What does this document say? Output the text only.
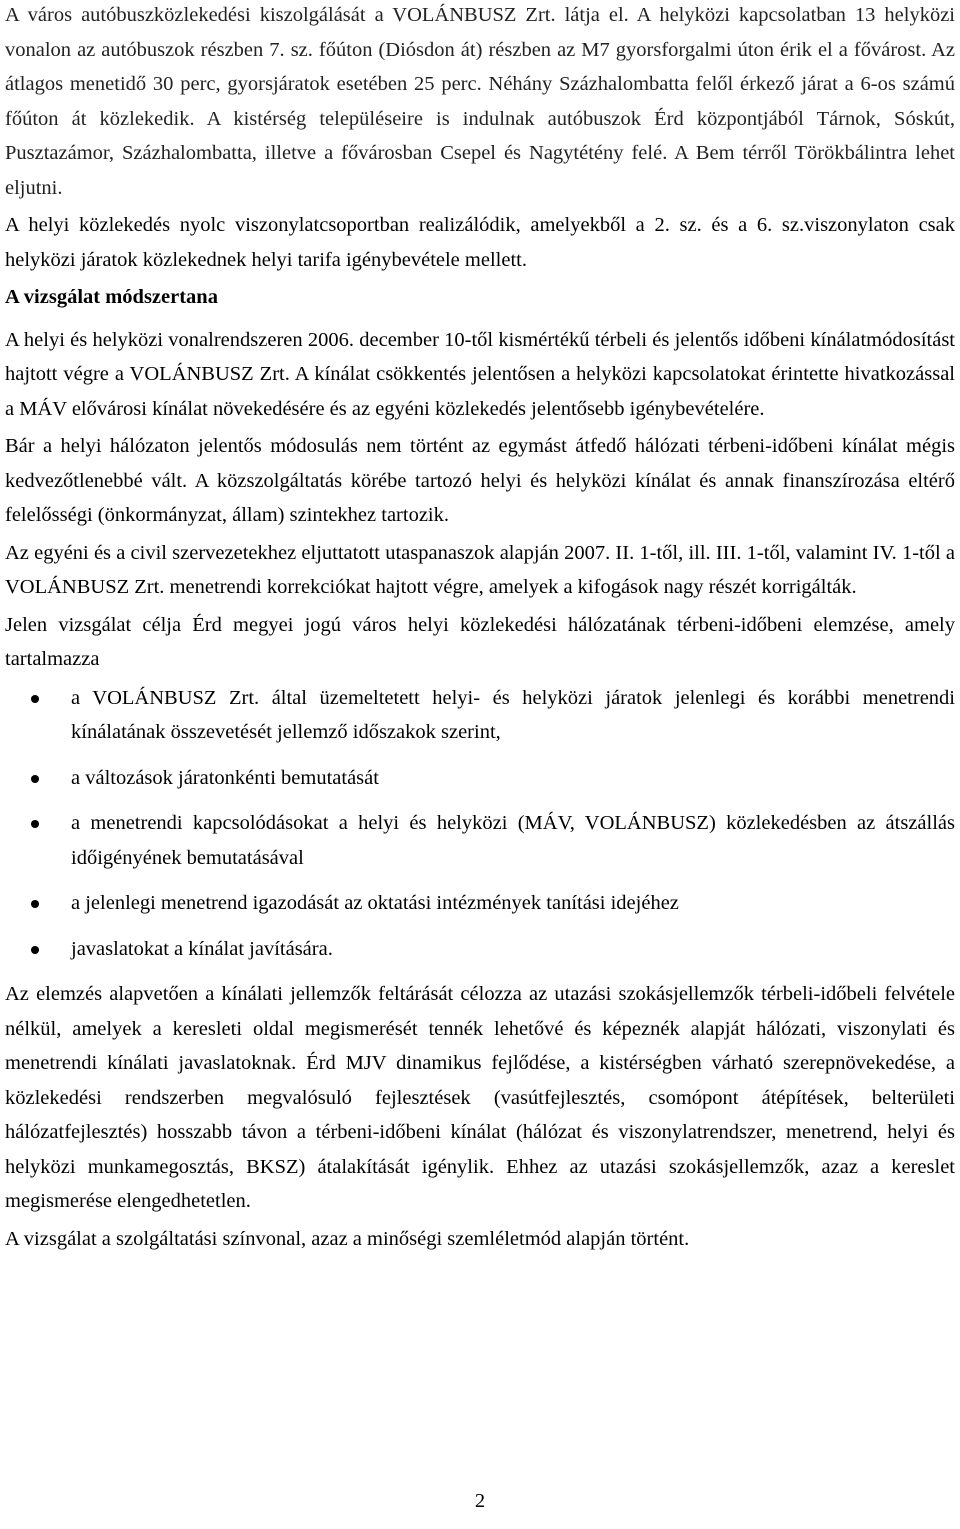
A város autóbuszközlekedési kiszolgálását a VOLÁNBUSZ Zrt. látja el. A helyközi kapcsolatban 13 helyközi vonalon az autóbuszok részben 7. sz. főúton (Diósdon át) részben az M7 gyorsforgalmi úton érik el a fővárost. Az átlagos menetidő 30 perc, gyorsjáratok esetében 25 perc. Néhány Százhalombatta felől érkező járat a 6-os számú főúton át közlekedik. A kistérség településeire is indulnak autóbuszok Érd központjából Tárnok, Sóskút, Pusztazámor, Százhalombatta, illetve a fővárosban Csepel és Nagytétény felé. A Bem térről Törökbálintra lehet eljutni.

A helyi közlekedés nyolc viszonylatcsoportban realizálódik, amelyekből a 2. sz. és a 6. sz.viszonylaton csak helyközi járatok közlekednek helyi tarifa igénybevétele mellett.

A vizsgálat módszertana

A helyi és helyközi vonalrendszeren 2006. december 10-től kismértékű térbeli és jelentős időbeni kínálatmódosítást hajtott végre a VOLÁNBUSZ Zrt. A kínálat csökkentés jelentősen a helyközi kapcsolatokat érintette hivatkozással a MÁV elővárosi kínálat növekedésére és az egyéni közlekedés jelentősebb igénybevételére.

Bár a helyi hálózaton jelentős módosulás nem történt az egymást átfedő hálózati térbeni-időbeni kínálat mégis kedvezőtlenebbé vált. A közszolgáltatás körébe tartozó helyi és helyközi kínálat és annak finanszírozása eltérő felelősségi (önkormányzat, állam) szintekhez tartozik.

Az egyéni és a civil szervezetekhez eljuttatott utaspanaszok alapján 2007. II. 1-től, ill. III. 1-től, valamint IV. 1-től a VOLÁNBUSZ Zrt. menetrendi korrekciókat hajtott végre, amelyek a kifogások nagy részét korrigálták.

Jelen vizsgálat célja Érd megyei jogú város helyi közlekedési hálózatának térbeni-időbeni elemzése, amely tartalmazza

a VOLÁNBUSZ Zrt. által üzemeltetett helyi- és helyközi járatok jelenlegi és korábbi menetrendi kínálatának összevetését jellemző időszakok szerint,
a változások járatonkénti bemutatását
a menetrendi kapcsolódásokat a helyi és helyközi (MÁV, VOLÁNBUSZ) közlekedésben az átszállás időigényének bemutatásával
a jelenlegi menetrend igazodását az oktatási intézmények tanítási idejéhez
javaslatokat a kínálat javítására.

Az elemzés alapvetően a kínálati jellemzők feltárását célozza az utazási szokásjellemzők térbeli-időbeli felvétele nélkül, amelyek a keresleti oldal megismerését tennék lehetővé és képeznék alapját hálózati, viszonylati és menetrendi kínálati javaslatoknak. Érd MJV dinamikus fejlődése, a kistérségben várható szerepnövekedése, a közlekedési rendszerben megvalósuló fejlesztések (vasútfejlesztés, csomópont átépítések, belterületi hálózatfejlesztés) hosszabb távon a térbeni-időbeni kínálat (hálózat és viszonylatrendszer, menetrend, helyi és helyközi munkamegosztás, BKSZ) átalakítását igénylik. Ehhez az utazási szokásjellemzők, azaz a kereslet megismerése elengedhetetlen.

A vizsgálat a szolgáltatási színvonal, azaz a minőségi szemléletmód alapján történt.

2
